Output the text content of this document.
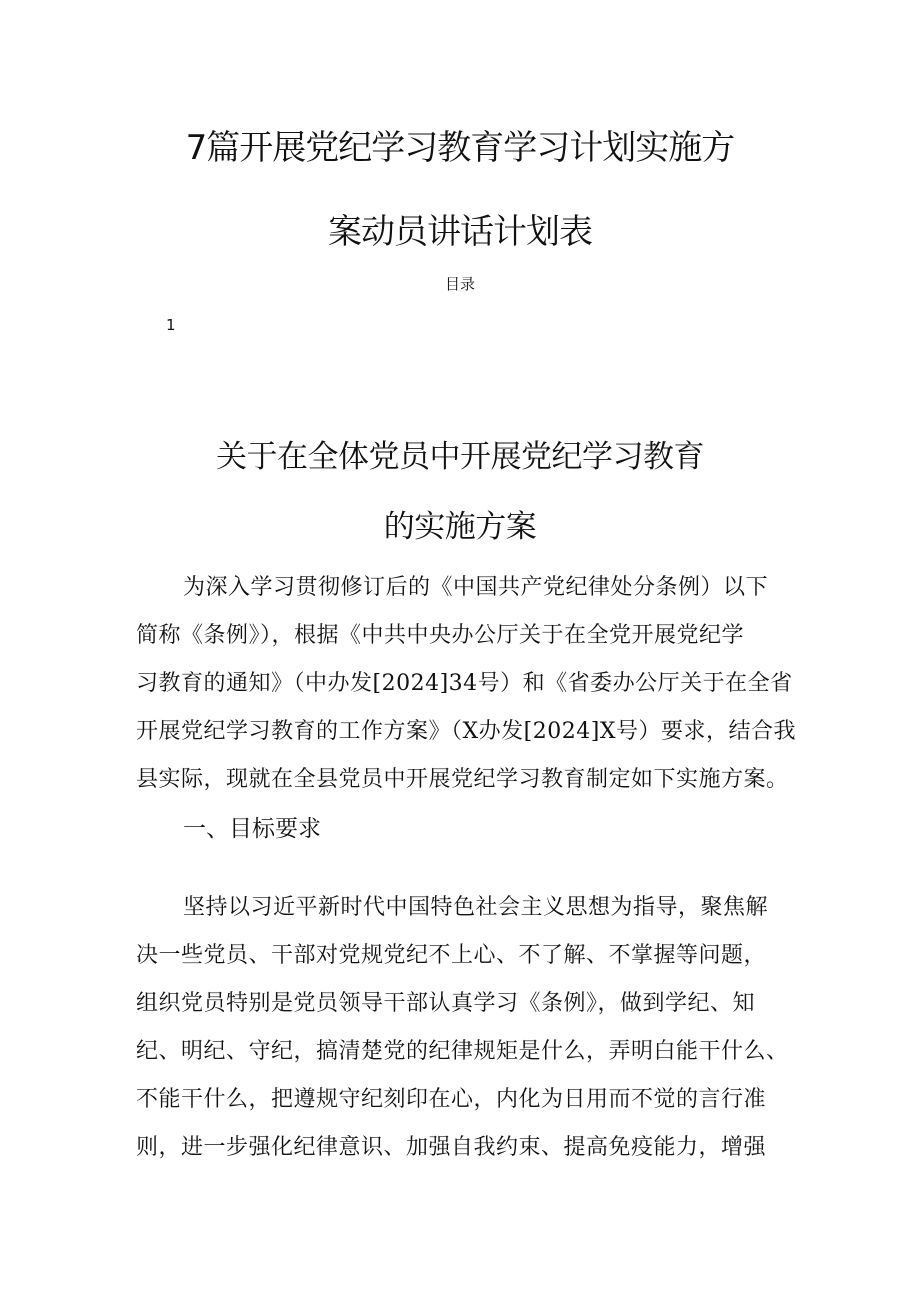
7篇开展党纪学习教育学习计划实施方
案动员讲话计划表
目录
1
关于在全体党员中开展党纪学习教育
的实施方案
为深入学习贯彻修订后的《中国共产党纪律处分条例）以下
简称《条例》），根据《中共中央办公厅关于在全党开展党纪学
习教育的通知》（中办发[2024]34号）和《省委办公厅关于在全省
开展党纪学习教育的工作方案》（X办发[2024]X号）要求，结合我
县实际，现就在全县党员中开展党纪学习教育制定如下实施方案。
一、目标要求
坚持以习近平新时代中国特色社会主义思想为指导，聚焦解
决一些党员、干部对党规党纪不上心、不了解、不掌握等问题，
组织党员特别是党员领导干部认真学习《条例》，做到学纪、知
纪、明纪、守纪，搞清楚党的纪律规矩是什么，弄明白能干什么、
不能干什么，把遵规守纪刻印在心，内化为日用而不觉的言行准
则，进一步强化纪律意识、加强自我约束、提高免疫能力，增强
